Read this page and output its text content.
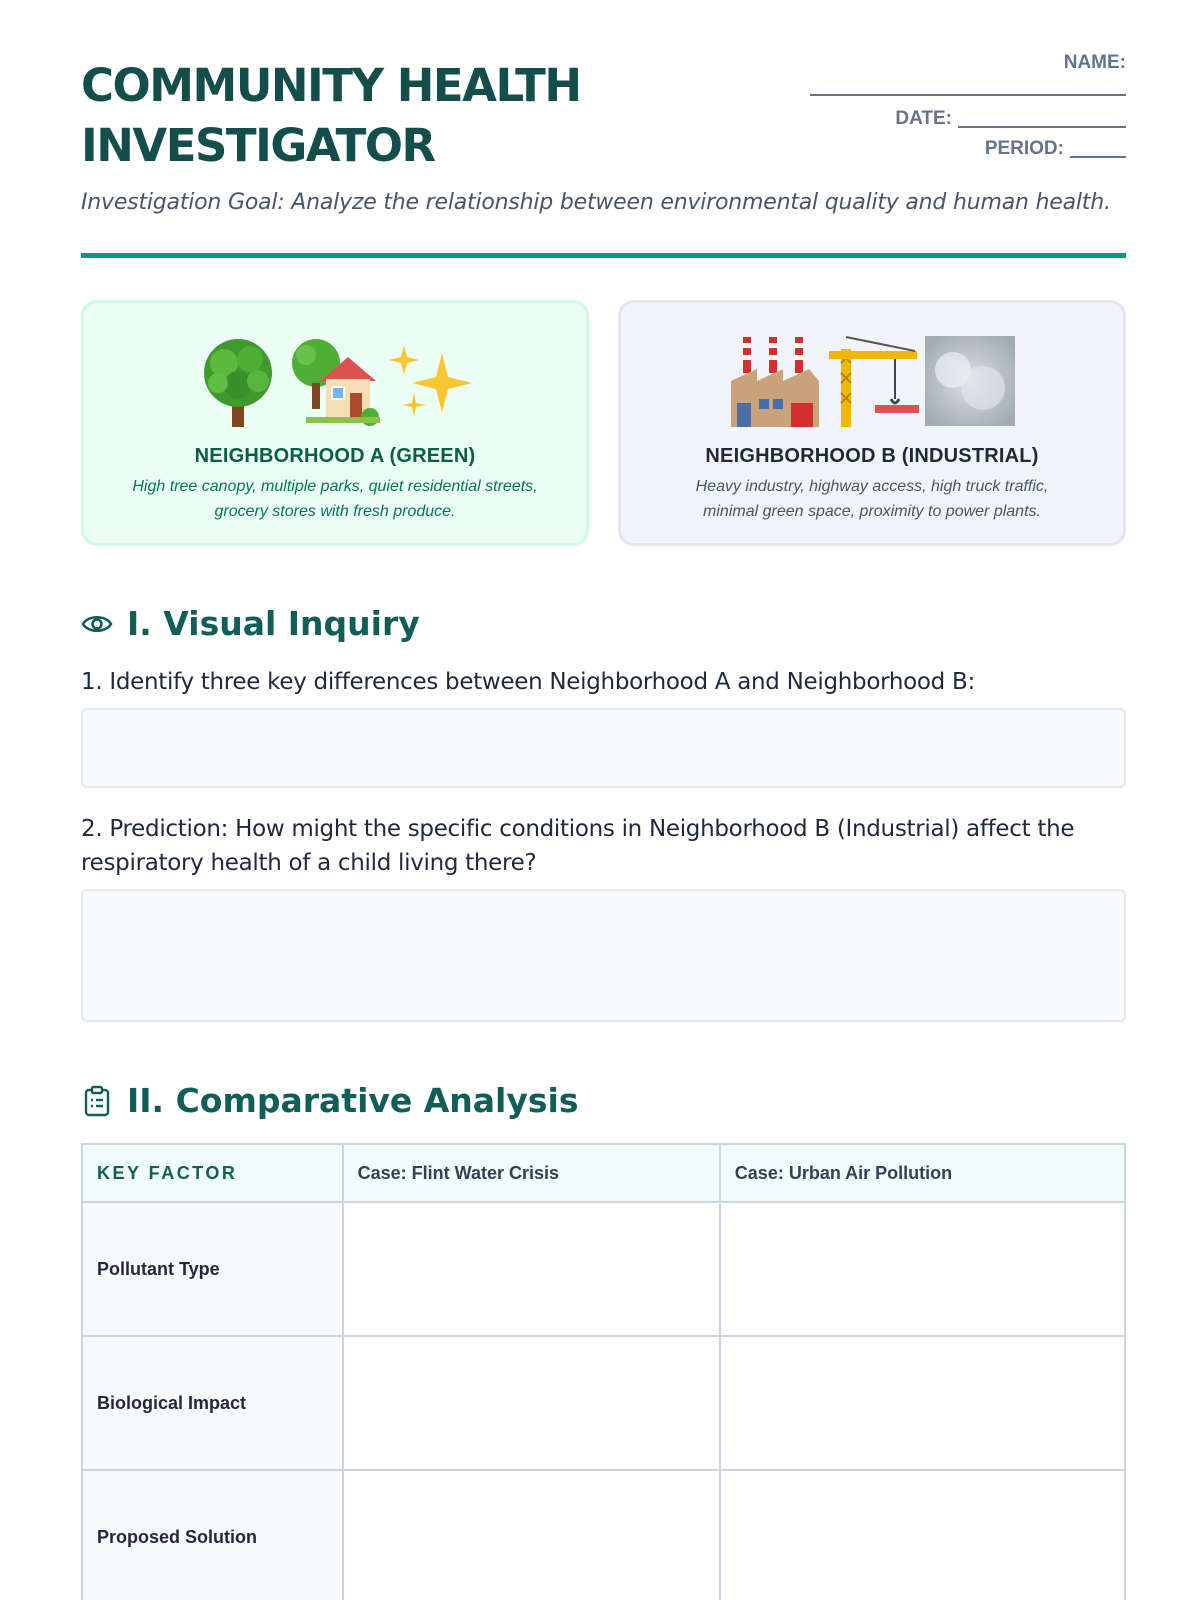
COMMUNITY HEALTH
INVESTIGATOR
NAME:
DATE:
PERIOD:

Investigation Goal: Analyze the relationship between environmental quality and human health.

NEIGHBORHOOD A (GREEN)

High tree canopy, multiple parks, quiet residential streets, grocery stores with fresh produce.

NEIGHBORHOOD B (INDUSTRIAL)

Heavy industry, highway access, high truck traffic, minimal green space, proximity to power plants.

I. Visual Inquiry

1. Identify three key differences between Neighborhood A and Neighborhood B:

2. Prediction: How might the specific conditions in Neighborhood B (Industrial) affect the respiratory health of a child living there?

II. Comparative Analysis
KEY FACTOR	Case: Flint Water Crisis	Case: Urban Air Pollution
Pollutant Type		
Biological Impact		
Proposed Solution		
